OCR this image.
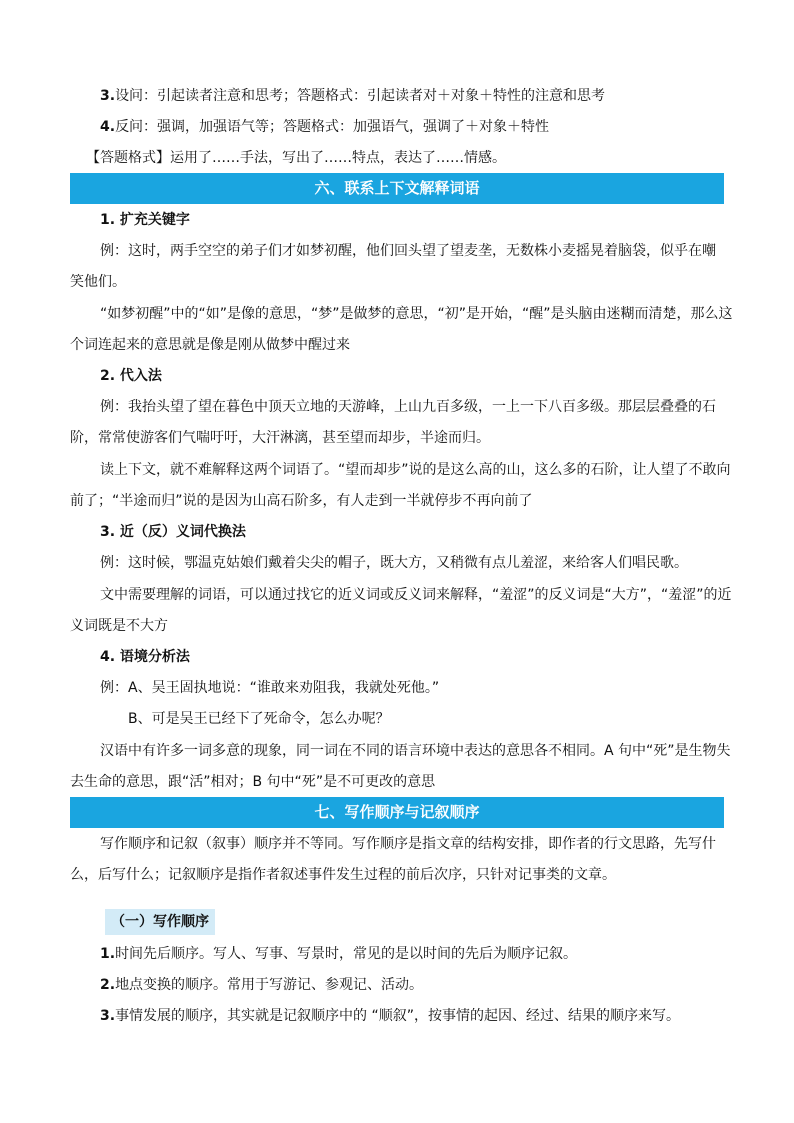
3.设问：引起读者注意和思考；答题格式：引起读者对＋对象＋特性的注意和思考
4.反问：强调，加强语气等；答题格式：加强语气，强调了＋对象＋特性
【答题格式】运用了……手法，写出了……特点，表达了……情感。
六、联系上下文解释词语
1. 扩充关键字
例：这时，两手空空的弟子们才如梦初醒，他们回头望了望麦垄，无数株小麦摇晃着脑袋，似乎在嘲
笑他们。
“如梦初醒”中的“如”是像的意思，“梦”是做梦的意思，“初”是开始，“醒”是头脑由迷糊而清楚，那么这
个词连起来的意思就是像是刚从做梦中醒过来
2. 代入法
例：我抬头望了望在暮色中顶天立地的天游峰，上山九百多级，一上一下八百多级。那层层叠叠的石
阶，常常使游客们气喘吁吁，大汗淋漓，甚至望而却步，半途而归。
读上下文，就不难解释这两个词语了。“望而却步”说的是这么高的山，这么多的石阶，让人望了不敢向
前了；“半途而归”说的是因为山高石阶多，有人走到一半就停步不再向前了
3. 近（反）义词代换法
例：这时候，鄂温克姑娘们戴着尖尖的帽子，既大方，又稍微有点儿羞涩，来给客人们唱民歌。
文中需要理解的词语，可以通过找它的近义词或反义词来解释，“羞涩”的反义词是“大方”，“羞涩”的近
义词既是不大方
4. 语境分析法
例：A、吴王固执地说：“谁敢来劝阻我，我就处死他。”
B、可是吴王已经下了死命令，怎么办呢？
汉语中有许多一词多意的现象，同一词在不同的语言环境中表达的意思各不相同。A 句中“死”是生物失
去生命的意思，跟“活”相对；B 句中“死”是不可更改的意思
七、写作顺序与记叙顺序
写作顺序和记叙（叙事）顺序并不等同。写作顺序是指文章的结构安排，即作者的行文思路，先写什
么，后写什么；记叙顺序是指作者叙述事件发生过程的前后次序，只针对记事类的文章。
（一）写作顺序
1.时间先后顺序。写人、写事、写景时，常见的是以时间的先后为顺序记叙。
2.地点变换的顺序。常用于写游记、参观记、活动。
3.事情发展的顺序，其实就是记叙顺序中的 “顺叙”，按事情的起因、经过、结果的顺序来写。
